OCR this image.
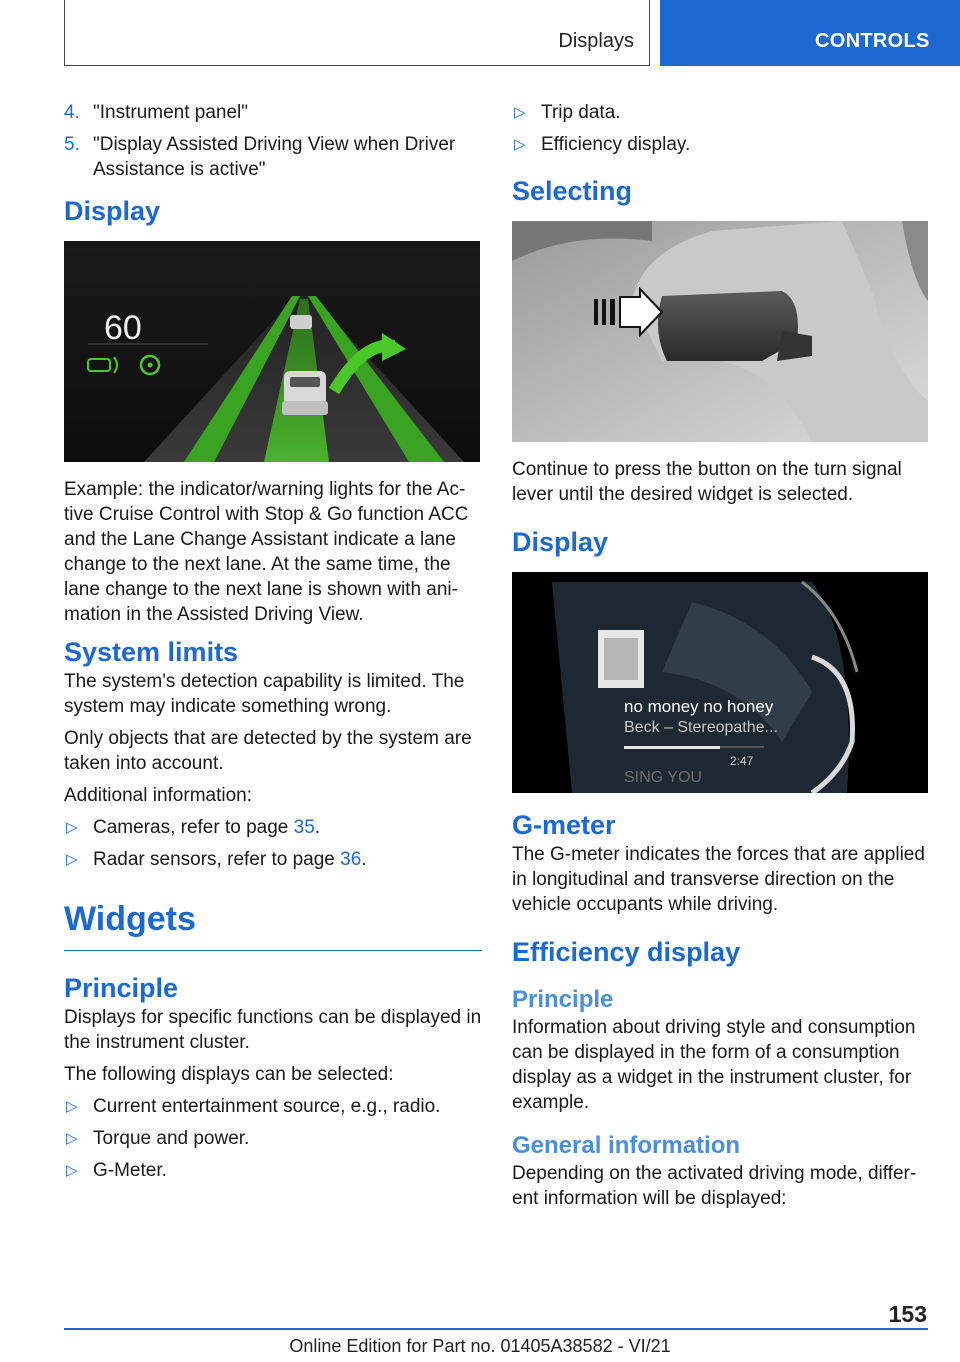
Displays	CONTROLS
4. "Instrument panel"
5. "Display Assisted Driving View when Driver Assistance is active"
Display
60
Example: the indicator/warning lights for the Active Cruise Control with Stop & Go function ACC and the Lane Change Assistant indicate a lane change to the next lane. At the same time, the lane change to the next lane is shown with animation in the Assisted Driving View.
System limits
The system's detection capability is limited. The system may indicate something wrong.
Only objects that are detected by the system are taken into account.
Additional information:
▷ Cameras, refer to page 35.
▷ Radar sensors, refer to page 36.
Widgets
Principle
Displays for specific functions can be displayed in the instrument cluster.
The following displays can be selected:
▷ Current entertainment source, e.g., radio.
▷ Torque and power.
▷ G-Meter.
▷ Trip data.
▷ Efficiency display.
Selecting
Continue to press the button on the turn signal lever until the desired widget is selected.
Display
SING YOU
no money no honey
Beck – Stereopathe...
2:47
G-meter
The G-meter indicates the forces that are applied in longitudinal and transverse direction on the vehicle occupants while driving.
Efficiency display
Principle
Information about driving style and consumption can be displayed in the form of a consumption display as a widget in the instrument cluster, for example.
General information
Depending on the activated driving mode, different information will be displayed:
153
Online Edition for Part no. 01405A38582 - VI/21
